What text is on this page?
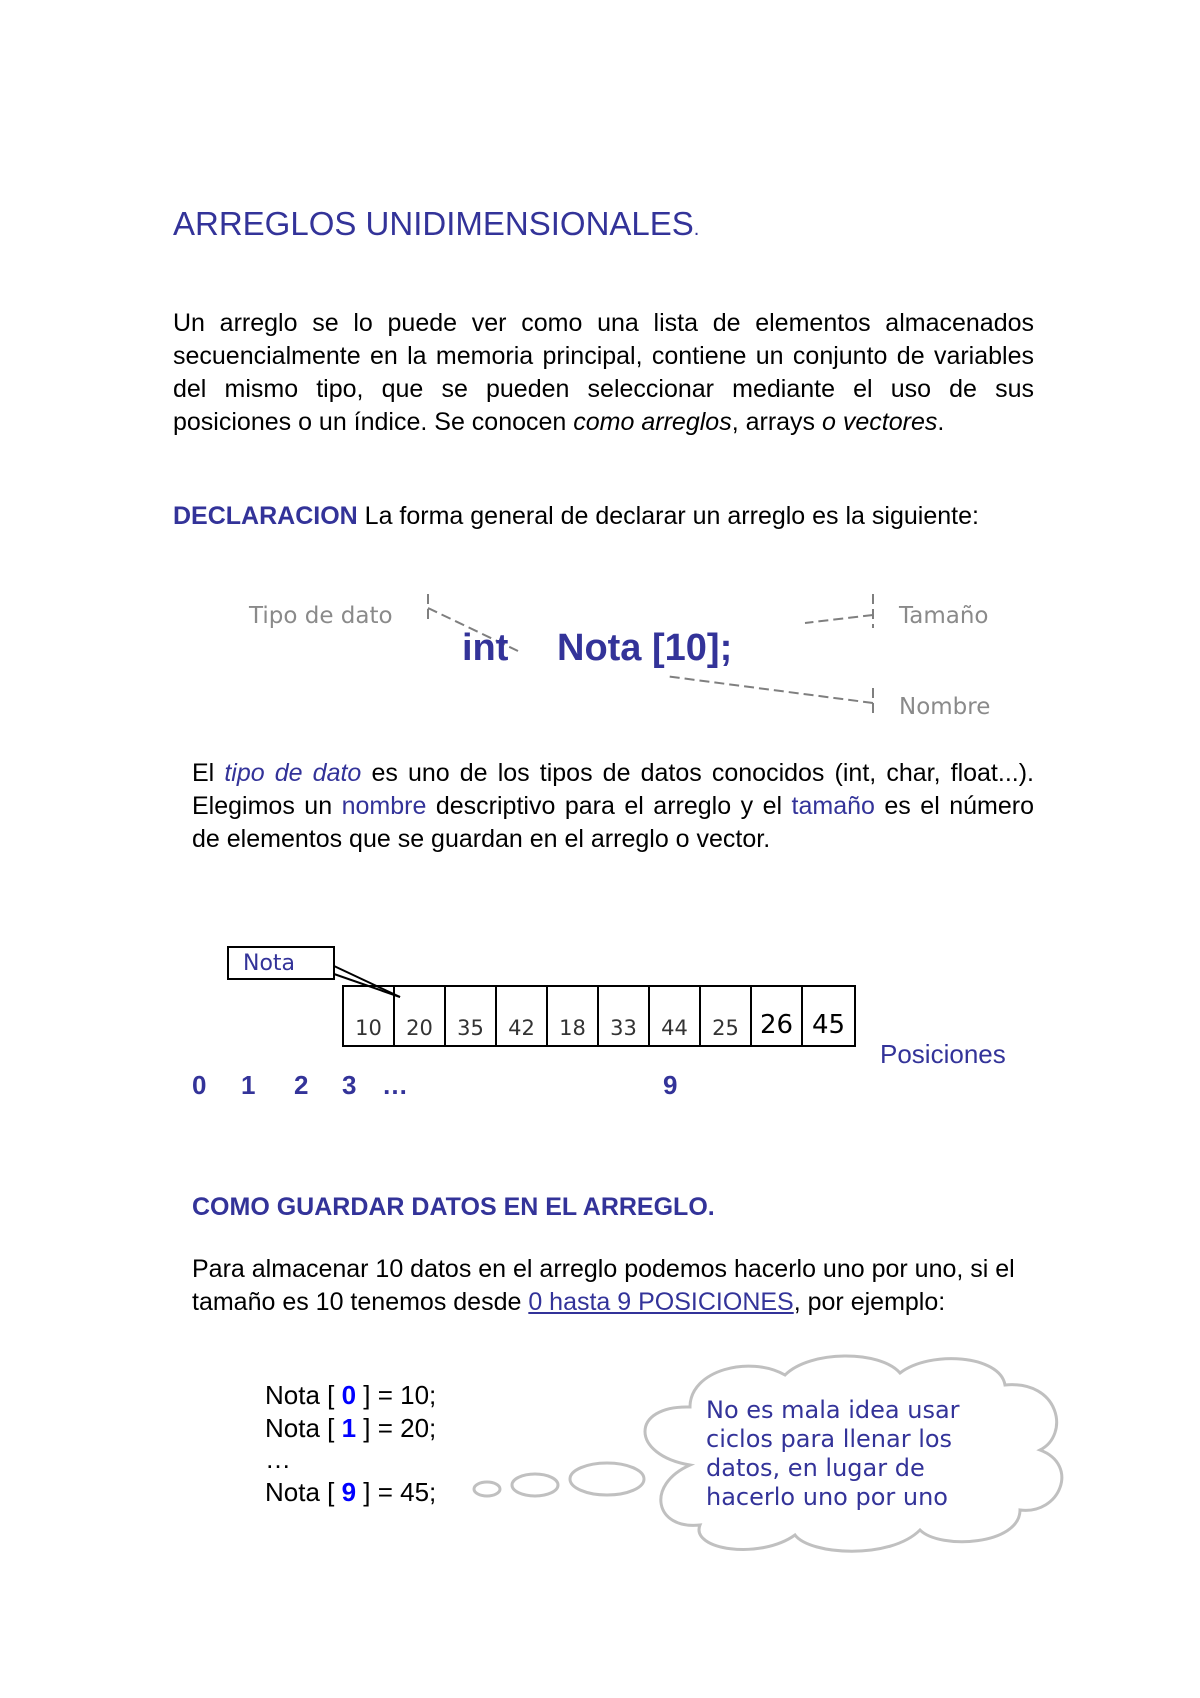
ARREGLOS UNIDIMENSIONALES.

Un arreglo se lo puede ver como una lista de elementos almacenados secuencialmente en la memoria principal, contiene un conjunto de variables del mismo tipo, que se pueden seleccionar mediante el uso de sus posiciones o un índice. Se conocen como arreglos, arrays o vectores.

DECLARACION La forma general de declarar un arreglo es la siguiente:

Tipo de dato	Tamaño
Nombre
int Nota [10];

El tipo de dato es uno de los tipos de datos conocidos (int, char, float...). Elegimos un nombre descriptivo para el arreglo y el tamaño es el número de elementos que se guardan en el arreglo o vector.

Nota
10	20	35	42	18	33	44	25 26 45
Posiciones
0 1 2 3 …	9
COMO GUARDAR DATOS EN EL ARREGLO.

Para almacenar 10 datos en el arreglo podemos hacerlo uno por uno, si el tamaño es 10 tenemos desde 0 hasta 9 POSICIONES, por ejemplo:

Nota [ 0 ] = 10;
Nota [ 1 ] = 20;
…
Nota [ 9 ] = 45;
No es mala idea usar ciclos para llenar los datos, en lugar de hacerlo uno por uno
